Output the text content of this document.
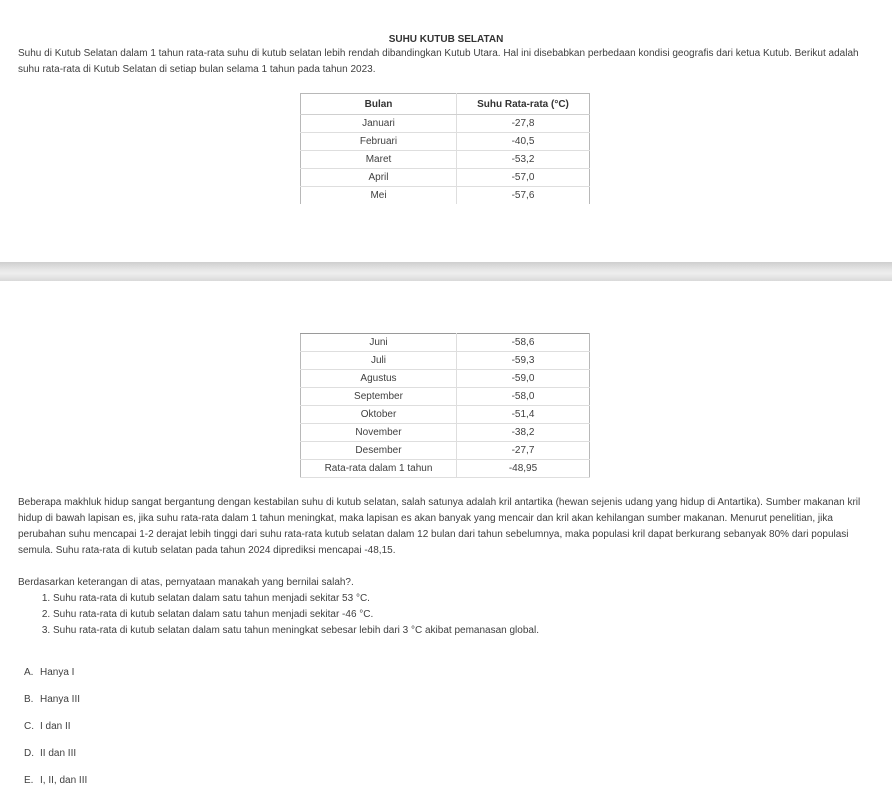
SUHU KUTUB SELATAN
Suhu di Kutub Selatan dalam 1 tahun rata-rata suhu di kutub selatan lebih rendah dibandingkan Kutub Utara. Hal ini disebabkan perbedaan kondisi geografis dari ketua Kutub. Berikut adalah suhu rata-rata di Kutub Selatan di setiap bulan selama 1 tahun pada tahun 2023.
Bulan	Suhu Rata-rata (°C)
Januari	-27,8
Februari	-40,5
Maret	-53,2
April	-57,0
Mei	-57,6
Juni	-58,6
Juli	-59,3
Agustus	-59,0
September	-58,0
Oktober	-51,4
November	-38,2
Desember	-27,7
Rata-rata dalam 1 tahun	-48,95
Beberapa makhluk hidup sangat bergantung dengan kestabilan suhu di kutub selatan, salah satunya adalah kril antartika (hewan sejenis udang yang hidup di Antartika). Sumber makanan kril hidup di bawah lapisan es, jika suhu rata-rata dalam 1 tahun meningkat, maka lapisan es akan banyak yang mencair dan kril akan kehilangan sumber makanan. Menurut penelitian, jika perubahan suhu mencapai 1-2 derajat lebih tinggi dari suhu rata-rata kutub selatan dalam 12 bulan dari tahun sebelumnya, maka populasi kril dapat berkurang sebanyak 80% dari populasi semula. Suhu rata-rata di kutub selatan pada tahun 2024 diprediksi mencapai -48,15.
Berdasarkan keterangan di atas, pernyataan manakah yang bernilai salah?.
1. Suhu rata-rata di kutub selatan dalam satu tahun menjadi sekitar 53 °C.
2. Suhu rata-rata di kutub selatan dalam satu tahun menjadi sekitar -46 °C.
3. Suhu rata-rata di kutub selatan dalam satu tahun meningkat sebesar lebih dari 3 °C akibat pemanasan global.
A. Hanya I
B. Hanya III
C. I dan II
D. II dan III
E. I, II, dan III
